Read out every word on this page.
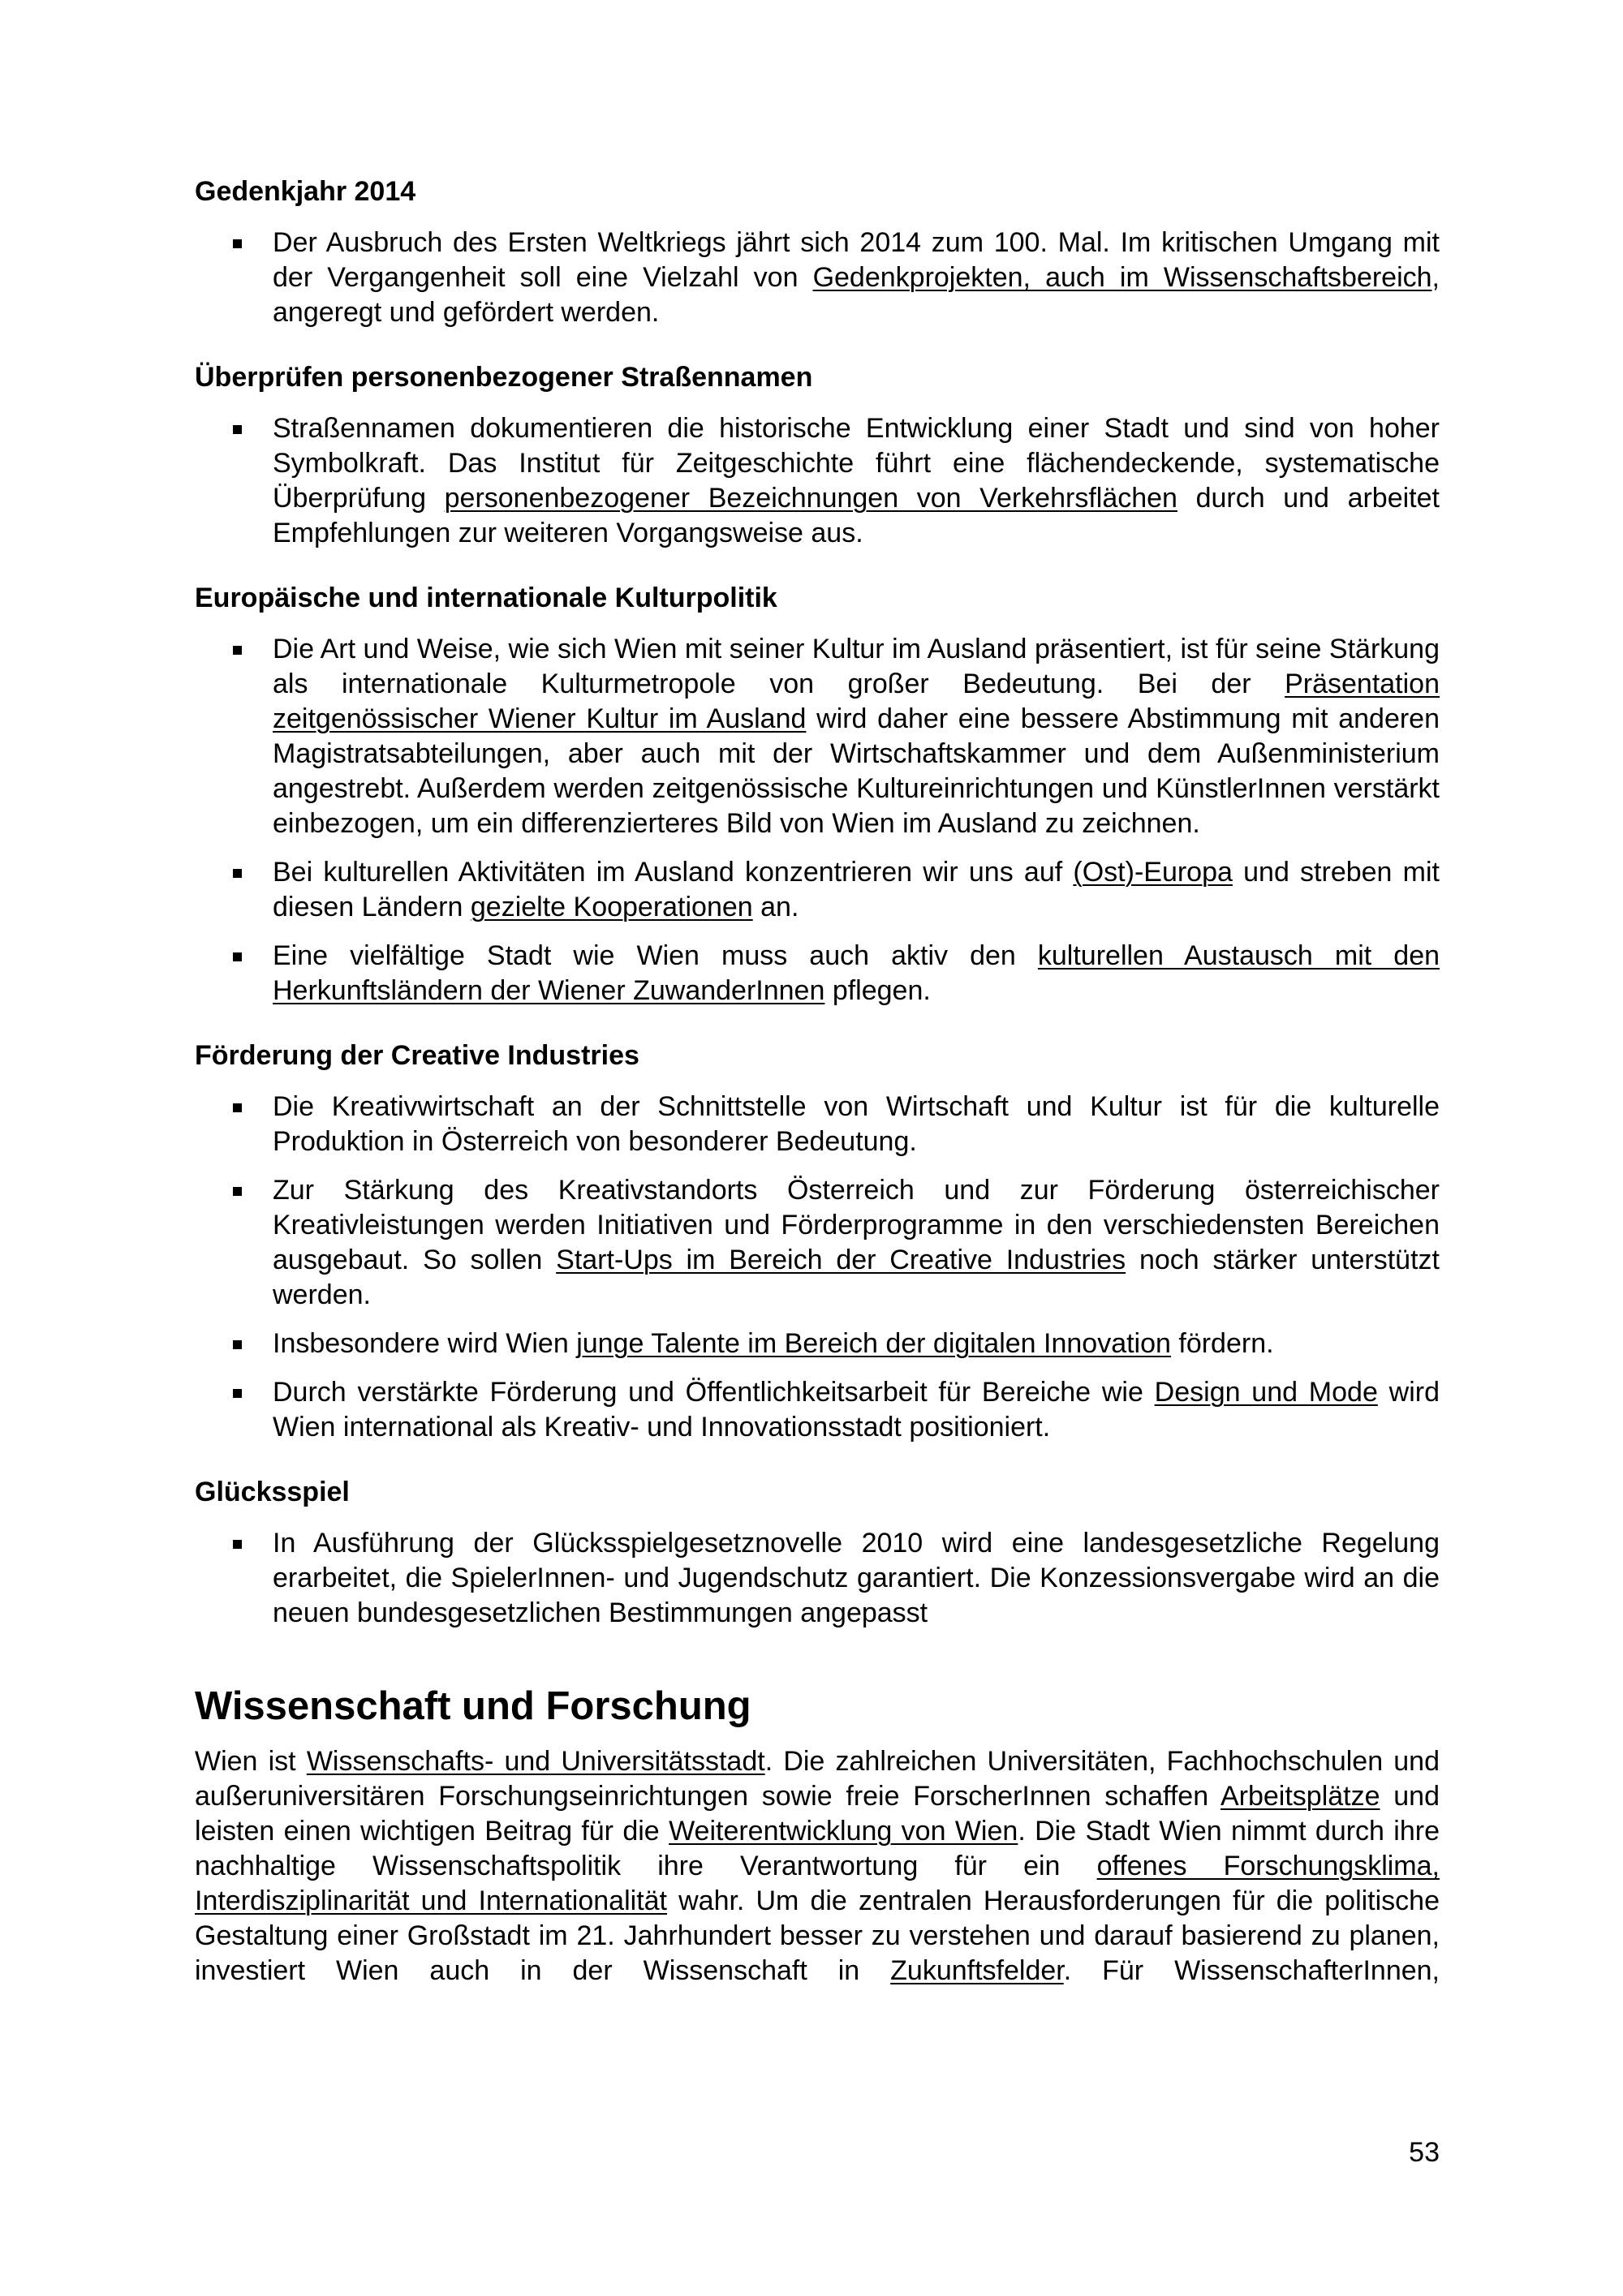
Gedenkjahr 2014
Der Ausbruch des Ersten Weltkriegs jährt sich 2014 zum 100. Mal. Im kritischen Umgang mit der Vergangenheit soll eine Vielzahl von Gedenkprojekten, auch im Wissenschaftsbereich, angeregt und gefördert werden.
Überprüfen personenbezogener Straßennamen
Straßennamen dokumentieren die historische Entwicklung einer Stadt und sind von hoher Symbolkraft. Das Institut für Zeitgeschichte führt eine flächendeckende, systematische Überprüfung personenbezogener Bezeichnungen von Verkehrsflächen durch und arbeitet Empfehlungen zur weiteren Vorgangsweise aus.
Europäische und internationale Kulturpolitik
Die Art und Weise, wie sich Wien mit seiner Kultur im Ausland präsentiert, ist für seine Stärkung als internationale Kulturmetropole von großer Bedeutung. Bei der Präsentation zeitgenössischer Wiener Kultur im Ausland wird daher eine bessere Abstimmung mit anderen Magistratsabteilungen, aber auch mit der Wirtschaftskammer und dem Außenministerium angestrebt. Außerdem werden zeitgenössische Kultureinrichtungen und KünstlerInnen verstärkt einbezogen, um ein differenzierteres Bild von Wien im Ausland zu zeichnen.
Bei kulturellen Aktivitäten im Ausland konzentrieren wir uns auf (Ost)-Europa und streben mit diesen Ländern gezielte Kooperationen an.
Eine vielfältige Stadt wie Wien muss auch aktiv den kulturellen Austausch mit den Herkunftsländern der Wiener ZuwanderInnen pflegen.
Förderung der Creative Industries
Die Kreativwirtschaft an der Schnittstelle von Wirtschaft und Kultur ist für die kulturelle Produktion in Österreich von besonderer Bedeutung.
Zur Stärkung des Kreativstandorts Österreich und zur Förderung österreichischer Kreativleistungen werden Initiativen und Förderprogramme in den verschiedensten Bereichen ausgebaut. So sollen Start-Ups im Bereich der Creative Industries noch stärker unterstützt werden.
Insbesondere wird Wien junge Talente im Bereich der digitalen Innovation fördern.
Durch verstärkte Förderung und Öffentlichkeitsarbeit für Bereiche wie Design und Mode wird Wien international als Kreativ- und Innovationsstadt positioniert.
Glücksspiel
In Ausführung der Glücksspielgesetznovelle 2010 wird eine landesgesetzliche Regelung erarbeitet, die SpielerInnen- und Jugendschutz garantiert. Die Konzessionsvergabe wird an die neuen bundesgesetzlichen Bestimmungen angepasst
Wissenschaft und Forschung

Wien ist Wissenschafts- und Universitätsstadt. Die zahlreichen Universitäten, Fachhochschulen und außeruniversitären Forschungseinrichtungen sowie freie ForscherInnen schaffen Arbeitsplätze und leisten einen wichtigen Beitrag für die Weiterentwicklung von Wien. Die Stadt Wien nimmt durch ihre nachhaltige Wissenschaftspolitik ihre Verantwortung für ein offenes Forschungsklima, Interdisziplinarität und Internationalität wahr. Um die zentralen Herausforderungen für die politische Gestaltung einer Großstadt im 21. Jahrhundert besser zu verstehen und darauf basierend zu planen, investiert Wien auch in der Wissenschaft in Zukunftsfelder. Für WissenschafterInnen,

53
